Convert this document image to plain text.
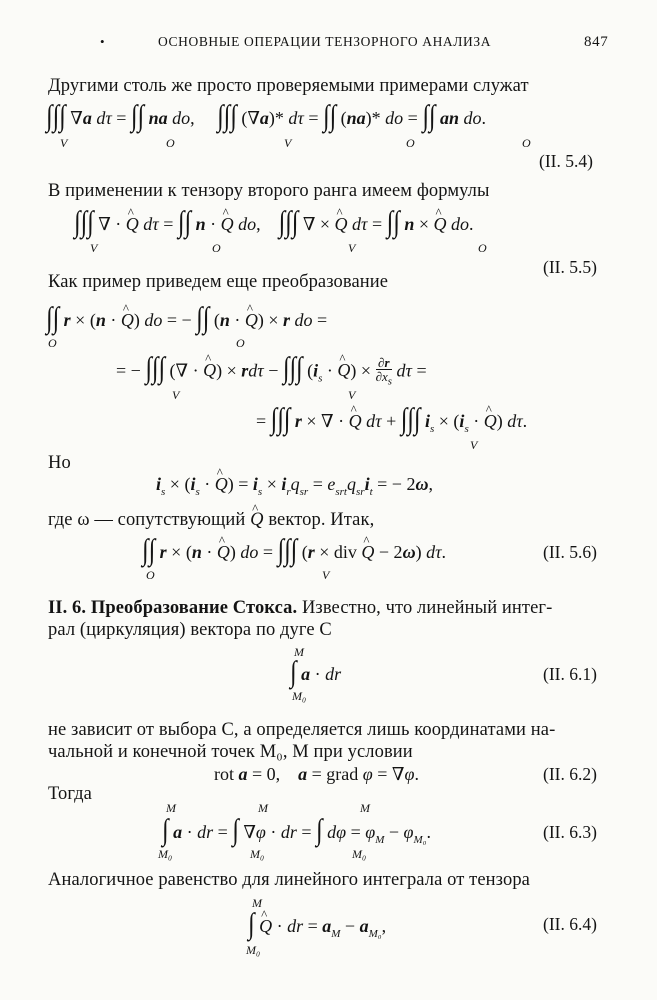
•	ОСНОВНЫЕ ОПЕРАЦИИ ТЕНЗОРНОГО АНАЛИЗА	847
Другими столь же просто проверяемыми примерами служат
∫∫∫ ∇a dτ = ∫∫ na do,     ∫∫∫ (∇a)* dτ = ∫∫ (na)* do = ∫∫ an do.
V	O	V	O	O
(II. 5.4)
В применении к тензору второго ранга имеем формулы
∫∫∫ ∇ · ^ Q dτ = ∫∫ n · ^ Q do,    ∫∫∫ ∇ × ^ Q dτ = ∫∫ n × ^ Q do.
V	O	V	O
(II. 5.5)
Как пример приведем еще преобразование
∫∫ r × (n · ^ Q) do = − ∫∫ (n · ^ Q) × r do =
O	O
= − ∫∫∫ (∇ · ^ Q) × rdτ − ∫∫∫ ($i_s$ · ^ $Q) \times \frac{\partial r}{\partial x_s}$ dτ =
V	V
= ∫∫∫ r × ∇ · ^ Q dτ + ∫∫∫ $i_s \times (i_s$ · ^ Q) dτ.
V
Но
$i_s \times (i_s$ · ^ $Q) = i_s \times i_rq_{sr} = e_{srt}q_{sr}i_t$ = − 2ω,
где ω — сопутствующий ^ Q вектор. Итак,
∫∫ r × (n · ^ Q) do = ∫∫∫ (r × div ^ Q − 2ω) dτ.
O	V
(II. 5.6)
II. 6. Преобразование Стокса. Известно, что линейный интег-
рал (циркуляция) вектора по дуге C
M
∫ a · dr
M₀
(II. 6.1)
не зависит от выбора C, а определяется лишь координатами на-
чальной и конечной точек M₀, M при условии
rot a = 0,    a = grad φ = ∇φ.	(II. 6.2)
Тогда
M	M	M
∫ a · dr = ∫ ∇φ · dr = ∫ $d\varphi = \varphi_M - \varphi_{M_0}$.
M₀	M₀	M₀
(II. 6.3)
Аналогичное равенство для линейного интеграла от тензора
M
∫ ^ Q · dr = $a_M - a_{M_0}$,
M₀
(II. 6.4)
